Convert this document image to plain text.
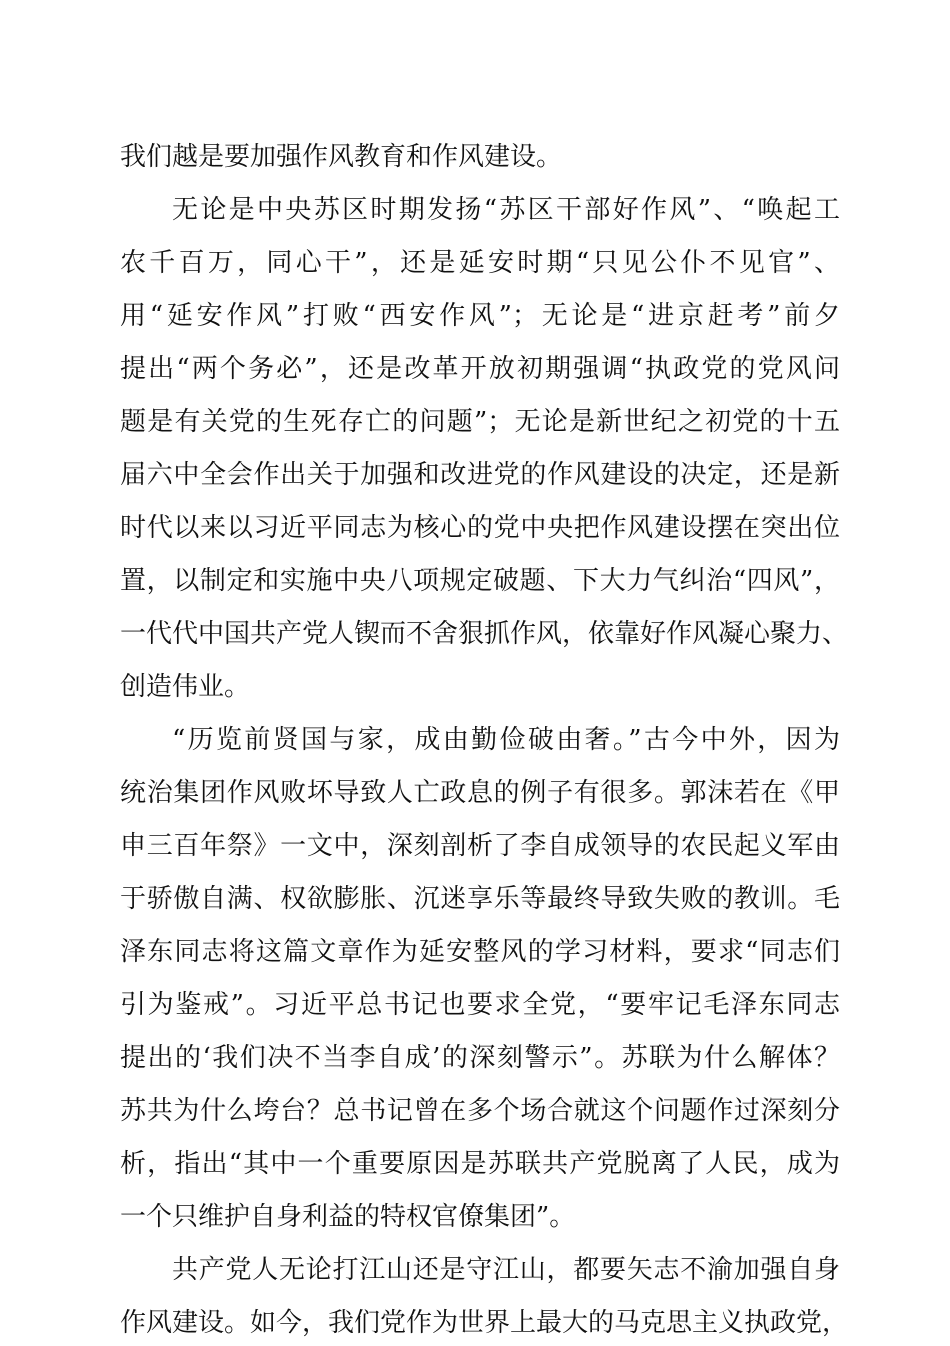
我们越是要加强作风教育和作风建设。
无论是中央苏区时期发扬“苏区干部好作风”、“唤起工
农千百万，同心干”，还是延安时期“只见公仆不见官”、
用“延安作风”打败“西安作风”；无论是“进京赶考”前夕
提出“两个务必”，还是改革开放初期强调“执政党的党风问
题是有关党的生死存亡的问题”；无论是新世纪之初党的十五
届六中全会作出关于加强和改进党的作风建设的决定，还是新
时代以来以习近平同志为核心的党中央把作风建设摆在突出位
置，以制定和实施中央八项规定破题、下大力气纠治“四风”，
一代代中国共产党人锲而不舍狠抓作风，依靠好作风凝心聚力、
创造伟业。
“历览前贤国与家，成由勤俭破由奢。”古今中外，因为
统治集团作风败坏导致人亡政息的例子有很多。郭沫若在《甲
申三百年祭》一文中，深刻剖析了李自成领导的农民起义军由
于骄傲自满、权欲膨胀、沉迷享乐等最终导致失败的教训。毛
泽东同志将这篇文章作为延安整风的学习材料，要求“同志们
引为鉴戒”。习近平总书记也要求全党，“要牢记毛泽东同志
提出的‘我们决不当李自成’的深刻警示”。苏联为什么解体？
苏共为什么垮台？总书记曾在多个场合就这个问题作过深刻分
析，指出“其中一个重要原因是苏联共产党脱离了人民，成为
一个只维护自身利益的特权官僚集团”。
共产党人无论打江山还是守江山，都要矢志不渝加强自身
作风建设。如今，我们党作为世界上最大的马克思主义执政党，
